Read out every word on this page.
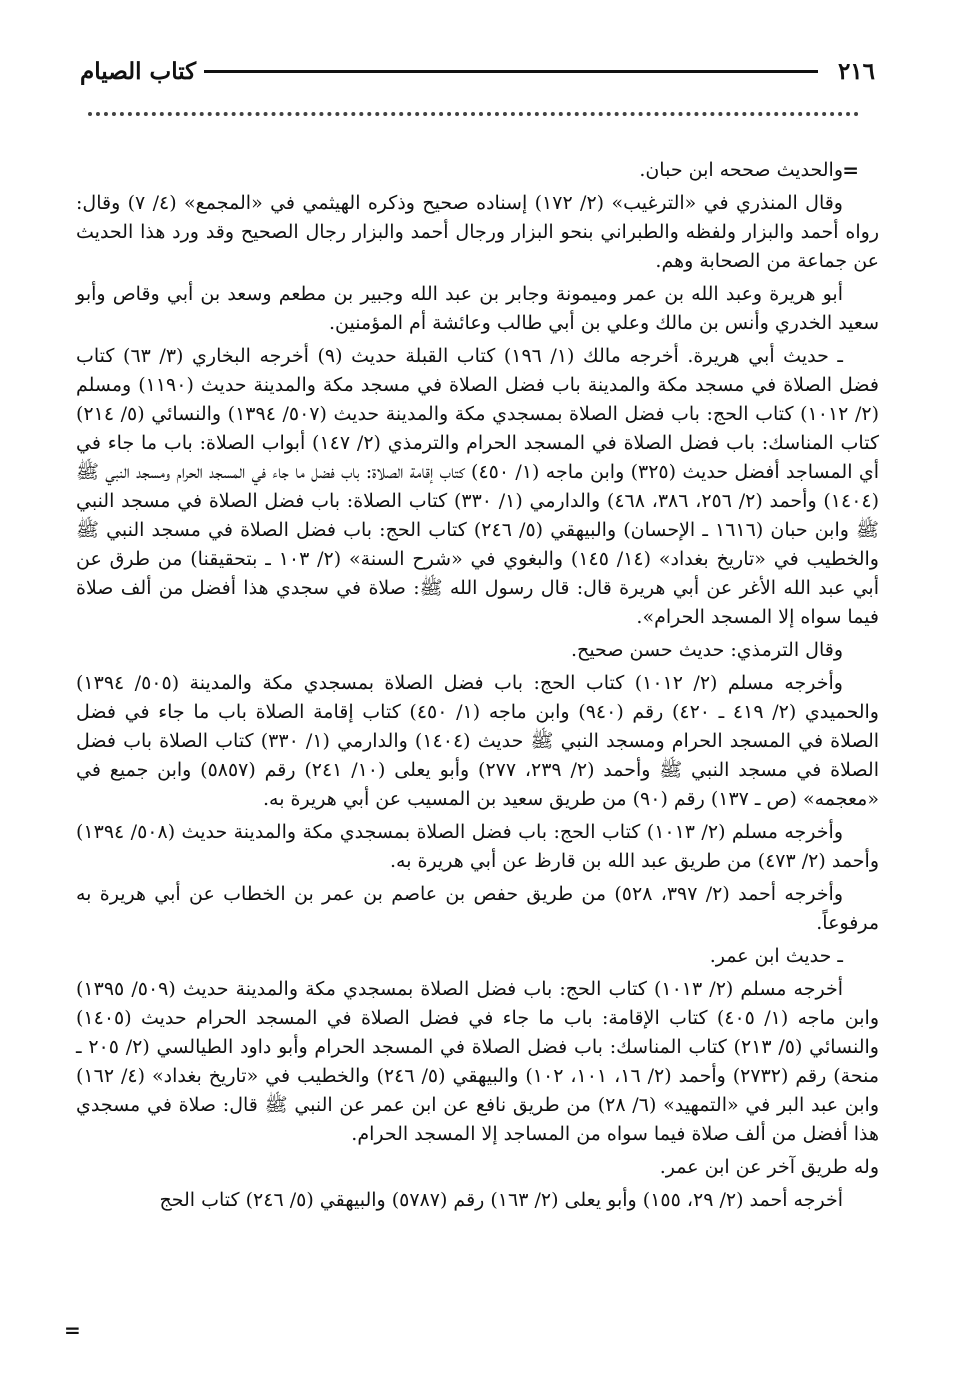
٢١٦
كتاب الصيام
=

والحديث صححه ابن حبان.

وقال المنذري في «الترغيب» (٢/ ١٧٢) إسناده صحيح وذكره الهيثمي في «المجمع» (٤/ ٧) وقال: رواه أحمد والبزار ولفظه والطبراني بنحو البزار ورجال أحمد والبزار رجال الصحيح وقد ورد هذا الحديث عن جماعة من الصحابة وهم.

أبو هريرة وعبد الله بن عمر وميمونة وجابر بن عبد الله وجبير بن مطعم وسعد بن أبي وقاص وأبو سعيد الخدري وأنس بن مالك وعلي بن أبي طالب وعائشة أم المؤمنين.

ـ حديث أبي هريرة. أخرجه مالك (١/ ١٩٦) كتاب القبلة حديث (٩) أخرجه البخاري (٣/ ٦٣) كتاب فضل الصلاة في مسجد مكة والمدينة باب فضل الصلاة في مسجد مكة والمدينة حديث (١١٩٠) ومسلم (٢/ ١٠١٢) كتاب الحج: باب فضل الصلاة بمسجدي مكة والمدينة حديث (٥٠٧/ ١٣٩٤) والنسائي (٥/ ٢١٤) كتاب المناسك: باب فضل الصلاة في المسجد الحرام والترمذي (٢/ ١٤٧) أبواب الصلاة: باب ما جاء في أي المساجد أفضل حديث (٣٢٥) وابن ماجه (١/ ٤٥٠) كتاب إقامة الصلاة: باب فضل ما جاء في المسجد الحرام ومسجد النبي ﷺ (١٤٠٤) وأحمد (٢/ ٢٥٦، ٣٨٦، ٤٦٨) والدارمي (١/ ٣٣٠) كتاب الصلاة: باب فضل الصلاة في مسجد النبي ﷺ وابن حبان (١٦١٦ ـ الإحسان) والبيهقي (٥/ ٢٤٦) كتاب الحج: باب فضل الصلاة في مسجد النبي ﷺ والخطيب في «تاريخ بغداد» (١٤/ ١٤٥) والبغوي في «شرح السنة» (٢/ ١٠٣ ـ بتحقيقنا) من طرق عن أبي عبد الله الأغر عن أبي هريرة قال: قال رسول الله ﷺ: صلاة في سجدي هذا أفضل من ألف صلاة فيما سواه إلا المسجد الحرام».

وقال الترمذي: حديث حسن صحيح.

وأخرجه مسلم (٢/ ١٠١٢) كتاب الحج: باب فضل الصلاة بمسجدي مكة والمدينة (٥٠٥/ ١٣٩٤) والحميدي (٢/ ٤١٩ ـ ٤٢٠) رقم (٩٤٠) وابن ماجه (١/ ٤٥٠) كتاب إقامة الصلاة باب ما جاء في فضل الصلاة في المسجد الحرام ومسجد النبي ﷺ حديث (١٤٠٤) والدارمي (١/ ٣٣٠) كتاب الصلاة باب فضل الصلاة في مسجد النبي ﷺ وأحمد (٢/ ٢٣٩، ٢٧٧) وأبو يعلى (١٠/ ٢٤١) رقم (٥٨٥٧) وابن جميع في «معجمه» (ص ـ ١٣٧) رقم (٩٠) من طريق سعيد بن المسيب عن أبي هريرة به.

وأخرجه مسلم (٢/ ١٠١٣) كتاب الحج: باب فضل الصلاة بمسجدي مكة والمدينة حديث (٥٠٨/ ١٣٩٤) وأحمد (٢/ ٤٧٣) من طريق عبد الله بن قارظ عن أبي هريرة به.

وأخرجه أحمد (٢/ ٣٩٧، ٥٢٨) من طريق حفص بن عاصم بن عمر بن الخطاب عن أبي هريرة به مرفوعاً.

ـ حديث ابن عمر.

أخرجه مسلم (٢/ ١٠١٣) كتاب الحج: باب فضل الصلاة بمسجدي مكة والمدينة حديث (٥٠٩/ ١٣٩٥) وابن ماجه (١/ ٤٠٥) كتاب الإقامة: باب ما جاء في فضل الصلاة في المسجد الحرام حديث (١٤٠٥) والنسائي (٥/ ٢١٣) كتاب المناسك: باب فضل الصلاة في المسجد الحرام وأبو داود الطيالسي (٢/ ٢٠٥ ـ منحة) رقم (٢٧٣٢) وأحمد (٢/ ١٦، ١٠١، ١٠٢) والبيهقي (٥/ ٢٤٦) والخطيب في «تاريخ بغداد» (٤/ ١٦٢) وابن عبد البر في «التمهيد» (٦/ ٢٨) من طريق نافع عن ابن عمر عن النبي ﷺ قال: صلاة في مسجدي هذا أفضل من ألف صلاة فيما سواه من المساجد إلا المسجد الحرام.

وله طريق آخر عن ابن عمر.

أخرجه أحمد (٢/ ٢٩، ١٥٥) وأبو يعلى (٢/ ١٦٣) رقم (٥٧٨٧) والبيهقي (٥/ ٢٤٦) كتاب الحج

=
